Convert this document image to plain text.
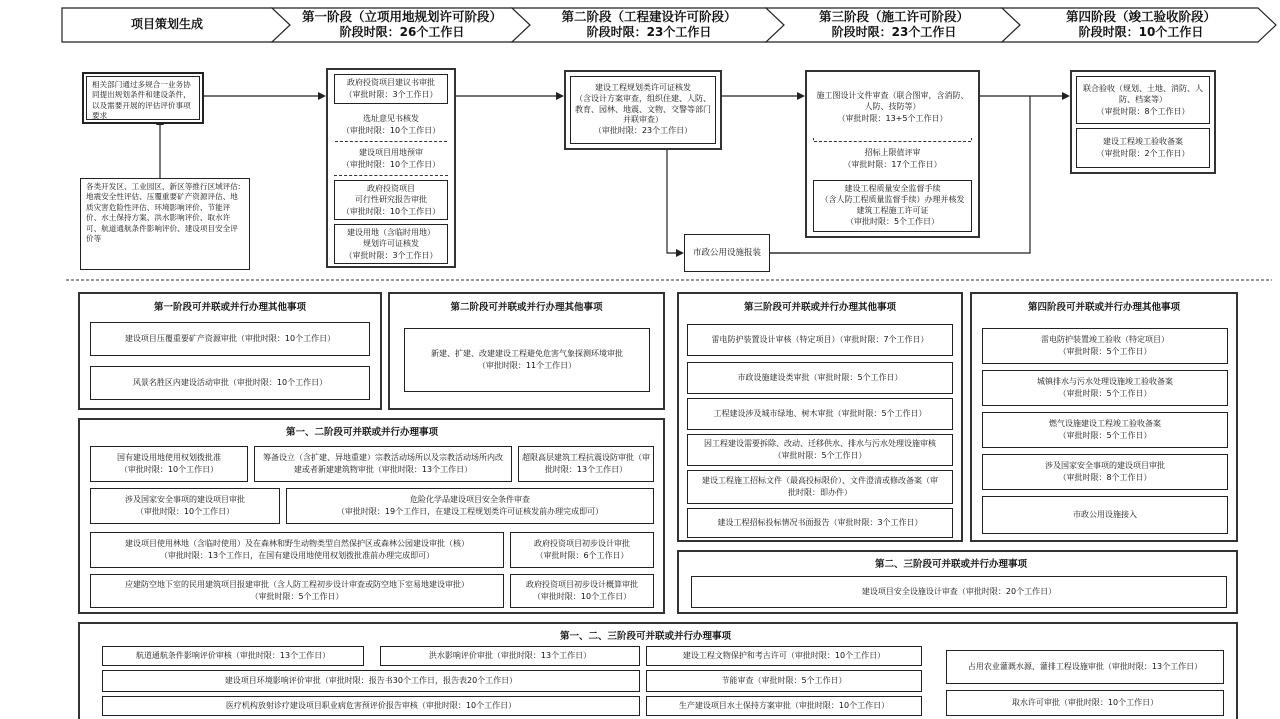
项目策划生成	第一阶段（立项用地规划许可阶段）
阶段时限：26个工作日
第二阶段（工程建设许可阶段）
阶段时限：23个工作日
第三阶段（施工许可阶段）
阶段时限：23个工作日
第四阶段（竣工验收阶段）
阶段时限：10个工作日
相关部门通过多规合一业务协同提出规划条件和建设条件，以及需要开展的评估评价事项要求
各类开发区、工业园区、新区等推行区域评估:
地震安全性评估、压覆重要矿产资源评估、地质灾害危险性评估、环境影响评价、节能评价、水土保持方案、洪水影响评价、取水许可、航道通航条件影响评价、建设项目安全评价等
政府投资项目建议书审批
（审批时限：3个工作日）
选址意见书核发
（审批时限：10个工作日）
建设项目用地预审
（审批时限：10个工作日）
政府投资项目
可行性研究报告审批
（审批时限：10个工作日）
建设用地（含临时用地）
规划许可证核发
（审批时限：3个工作日）
建设工程规划类许可证核发
（含设计方案审查，组织住建、人防、教育、园林、地震、文物、交警等部门并联审查）
（审批时限：23个工作日）
施工图设计文件审查（联合图审，含消防、人防、技防等）
（审批时限：13+5个工作日）
招标上限值评审
（审批时限：17个工作日）
建设工程质量安全监督手续
（含人防工程质量监督手续）办理并核发建筑工程施工许可证
（审批时限：5个工作日）
市政公用设施报装
联合验收（规划、土地、消防、人防、档案等）
（审批时限：8个工作日）
建设工程竣工验收备案
（审批时限：2个工作日）
第一阶段可并联或并行办理其他事项
建设项目压覆重要矿产资源审批（审批时限：10个工作日）
风景名胜区内建设活动审批（审批时限：10个工作日）
第二阶段可并联或并行办理其他事项
新建、扩建、改建建设工程避免危害气象探测环境审批
（审批时限：11个工作日）
第三阶段可并联或并行办理其他事项
雷电防护装置设计审核（特定项目）（审批时限：7个工作日）
市政设施建设类审批（审批时限：5个工作日）
工程建设涉及城市绿地、树木审批（审批时限：5个工作日）
因工程建设需要拆除、改动、迁移供水、排水与污水处理设施审核（审批时限：5个工作日）
建设工程施工招标文件（最高投标限价）、文件澄清或修改备案（审批时限：即办件）
建设工程招标投标情况书面报告（审批时限：3个工作日）
第四阶段可并联或并行办理其他事项
雷电防护装置竣工验收（特定项目）
（审批时限：5个工作日）
城镇排水与污水处理设施竣工验收备案
（审批时限：5个工作日）
燃气设施建设工程竣工验收备案
（审批时限：5个工作日）
涉及国家安全事项的建设项目审批
（审批时限：8个工作日）
市政公用设施接入
第一、二阶段可并联或并行办理事项
国有建设用地使用权划拨批准
（审批时限：10个工作日）
筹备设立（含扩建、异地重建）宗教活动场所以及宗教活动场所内改建或者新建建筑物审批（审批时限：13个工作日）
超限高层建筑工程抗震设防审批（审批时限：13个工作日）
涉及国家安全事项的建设项目审批
（审批时限：10个工作日）
危险化学品建设项目安全条件审查
（审批时限：19个工作日，在建设工程规划类许可证核发前办理完成即可）
建设项目使用林地（含临时使用）及在森林和野生动物类型自然保护区或森林公园建设审批（核）
（审批时限：13个工作日，在国有建设用地使用权划拨批准前办理完成即可）
政府投资项目初步设计审批
（审批时限：6个工作日）
应建防空地下室的民用建筑项目报建审批（含人防工程初步设计审查或防空地下室易地建设审批）
（审批时限：5个工作日）
政府投资项目初步设计概算审批
（审批时限：10个工作日）
第二、三阶段可并联或并行办理事项
建设项目安全设施设计审查（审批时限：20个工作日）
第一、二、三阶段可并联或并行办理事项
航道通航条件影响评价审核（审批时限：13个工作日）	洪水影响评价审批（审批时限：13个工作日）	建设工程文物保护和考古许可（审批时限：10个工作日）
占用农业灌溉水源、灌排工程设施审批（审批时限：13个工作日）
建设项目环境影响评价审批（审批时限：报告书30个工作日，报告表20个工作日）	节能审查（审批时限：5个工作日）
医疗机构放射诊疗建设项目职业病危害预评价报告审核（审批时限：10个工作日）	生产建设项目水土保持方案审批（审批时限：10个工作日）	取水许可审批（审批时限：10个工作日）
